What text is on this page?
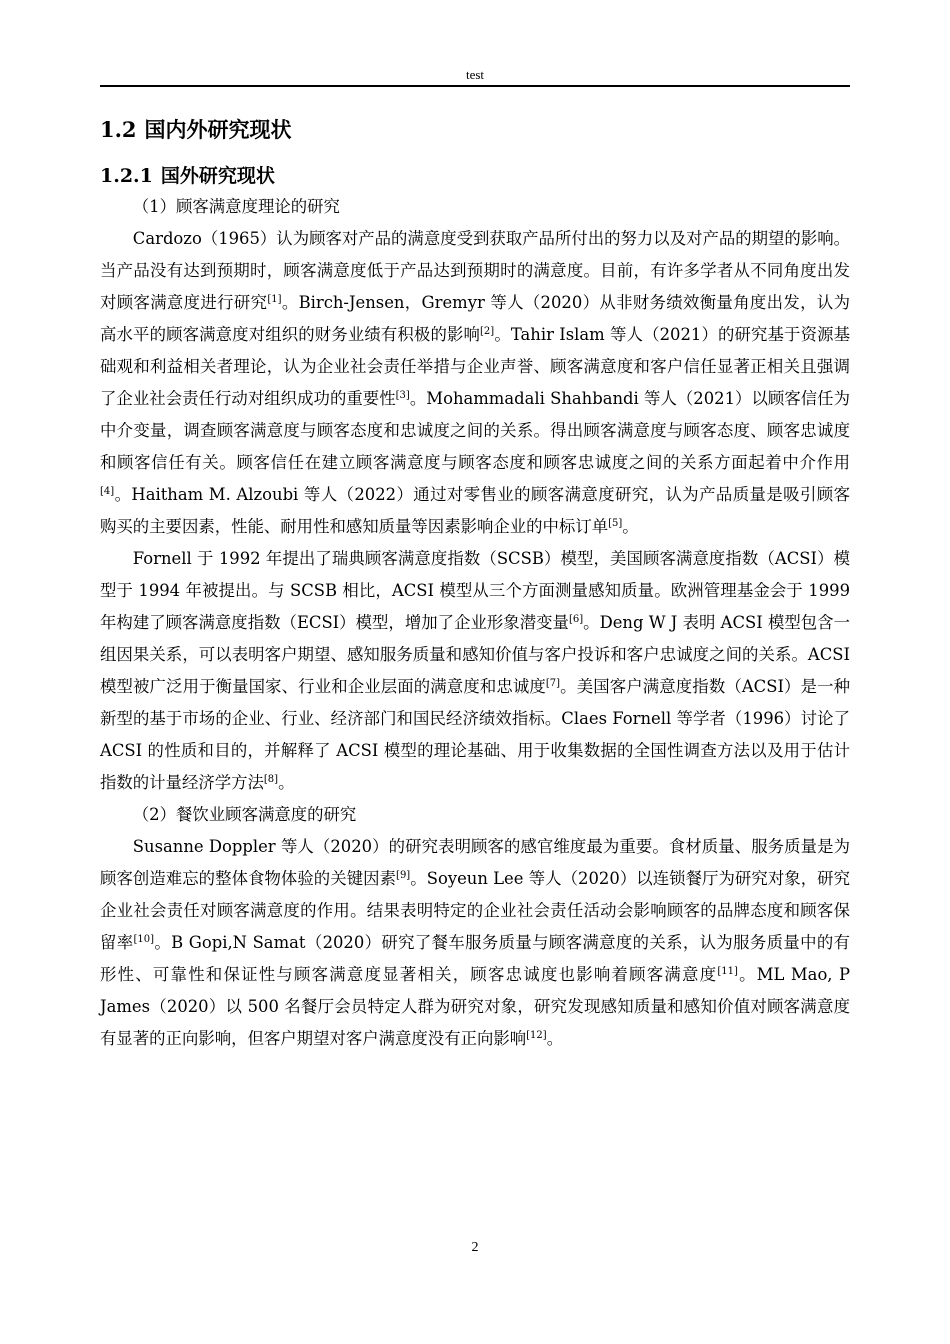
test
1.2 国内外研究现状
1.2.1 国外研究现状

（1）顾客满意度理论的研究

Cardozo（1965）认为顾客对产品的满意度受到获取产品所付出的努力以及对产品的期望的影响。当产品没有达到预期时，顾客满意度低于产品达到预期时的满意度。目前，有许多学者从不同角度出发对顾客满意度进行研究[1]。Birch-Jensen，Gremyr 等人（2020）从非财务绩效衡量角度出发，认为高水平的顾客满意度对组织的财务业绩有积极的影响[2]。Tahir Islam 等人（2021）的研究基于资源基础观和利益相关者理论，认为企业社会责任举措与企业声誉、顾客满意度和客户信任显著正相关且强调了企业社会责任行动对组织成功的重要性[3]。Mohammadali Shahbandi 等人（2021）以顾客信任为中介变量，调查顾客满意度与顾客态度和忠诚度之间的关系。得出顾客满意度与顾客态度、顾客忠诚度和顾客信任有关。顾客信任在建立顾客满意度与顾客态度和顾客忠诚度之间的关系方面起着中介作用[4]。Haitham M. Alzoubi 等人（2022）通过对零售业的顾客满意度研究，认为产品质量是吸引顾客购买的主要因素，性能、耐用性和感知质量等因素影响企业的中标订单[5]。

Fornell 于 1992 年提出了瑞典顾客满意度指数（SCSB）模型，美国顾客满意度指数（ACSI）模型于 1994 年被提出。与 SCSB 相比，ACSI 模型从三个方面测量感知质量。欧洲管理基金会于 1999 年构建了顾客满意度指数（ECSI）模型，增加了企业形象潜变量[6]。Deng W J 表明 ACSI 模型包含一组因果关系，可以表明客户期望、感知服务质量和感知价值与客户投诉和客户忠诚度之间的关系。ACSI 模型被广泛用于衡量国家、行业和企业层面的满意度和忠诚度[7]。美国客户满意度指数（ACSI）是一种新型的基于市场的企业、行业、经济部门和国民经济绩效指标。Claes Fornell 等学者（1996）讨论了 ACSI 的性质和目的，并解释了 ACSI 模型的理论基础、用于收集数据的全国性调查方法以及用于估计指数的计量经济学方法[8]。

（2）餐饮业顾客满意度的研究

Susanne Doppler 等人（2020）的研究表明顾客的感官维度最为重要。食材质量、服务质量是为顾客创造难忘的整体食物体验的关键因素[9]。Soyeun Lee 等人（2020）以连锁餐厅为研究对象，研究企业社会责任对顾客满意度的作用。结果表明特定的企业社会责任活动会影响顾客的品牌态度和顾客保留率[10]。B Gopi,N Samat（2020）研究了餐车服务质量与顾客满意度的关系，认为服务质量中的有形性、可靠性和保证性与顾客满意度显著相关，顾客忠诚度也影响着顾客满意度[11]。ML Mao, P James（2020）以 500 名餐厅会员特定人群为研究对象，研究发现感知质量和感知价值对顾客满意度有显著的正向影响，但客户期望对客户满意度没有正向影响[12]。

2
